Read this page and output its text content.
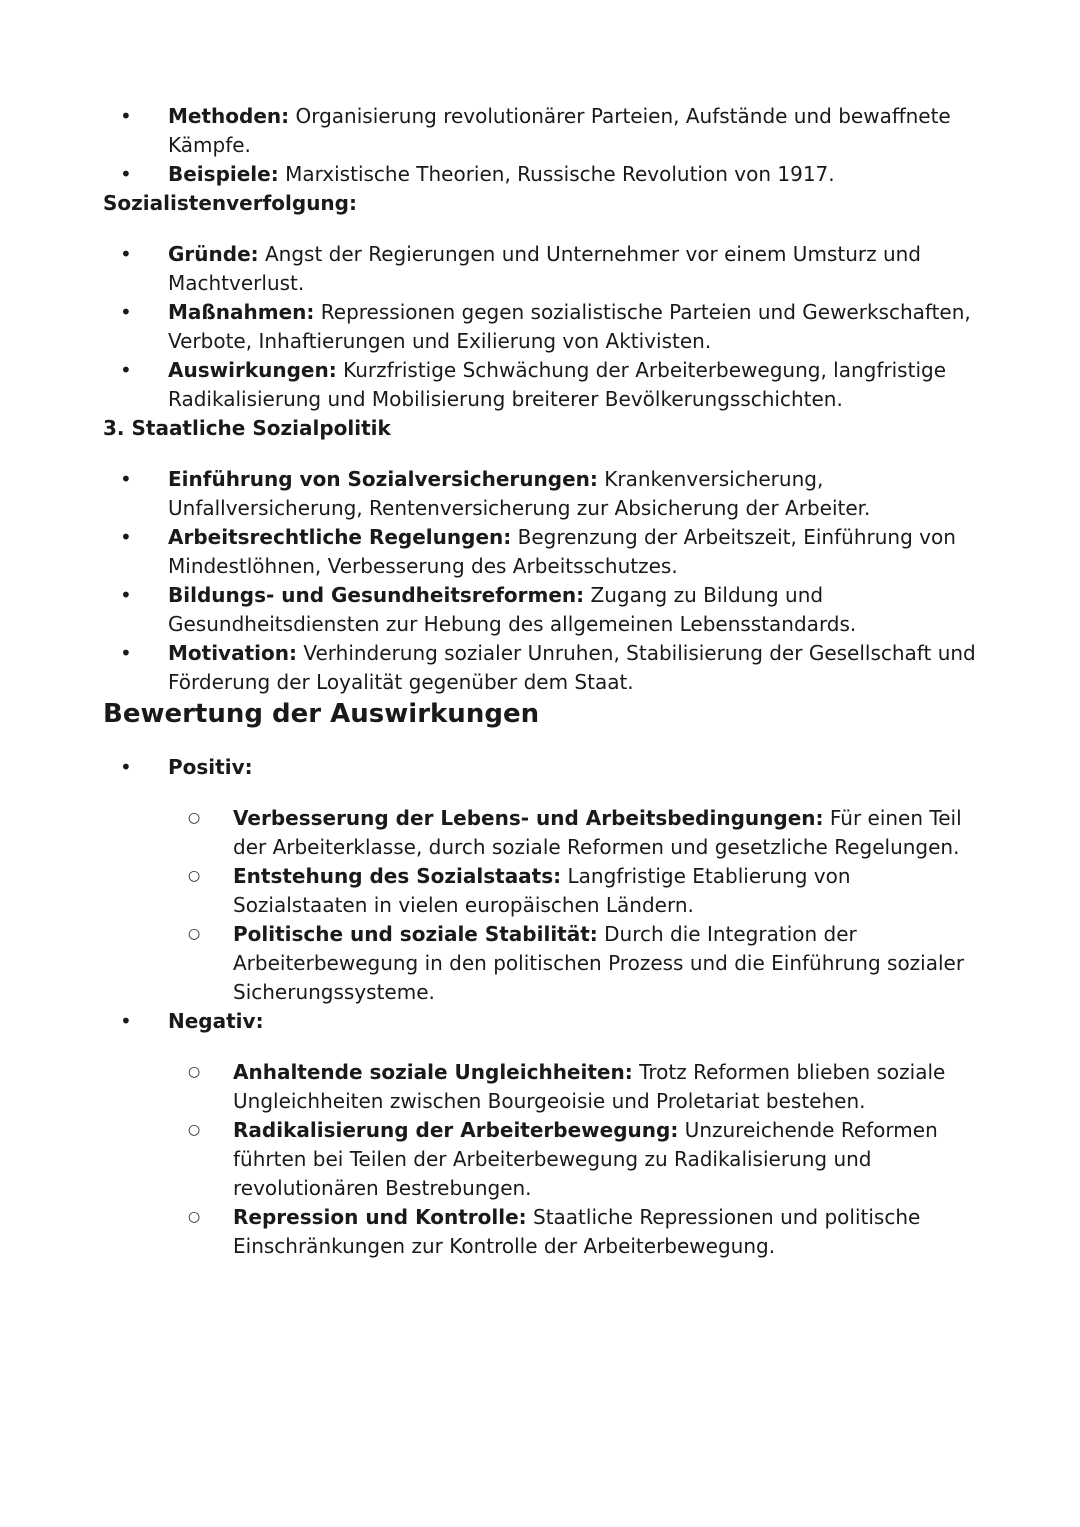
• Methoden: Organisierung revolutionärer Parteien, Aufstände und bewaffnete Kämpfe.
• Beispiele: Marxistische Theorien, Russische Revolution von 1917.

Sozialistenverfolgung:

• Gründe: Angst der Regierungen und Unternehmer vor einem Umsturz und Machtverlust.
• Maßnahmen: Repressionen gegen sozialistische Parteien und Gewerkschaften, Verbote, Inhaftierungen und Exilierung von Aktivisten.
• Auswirkungen: Kurzfristige Schwächung der Arbeiterbewegung, langfristige Radikalisierung und Mobilisierung breiterer Bevölkerungsschichten.

3. Staatliche Sozialpolitik

• Einführung von Sozialversicherungen: Krankenversicherung, Unfallversicherung, Rentenversicherung zur Absicherung der Arbeiter.
• Arbeitsrechtliche Regelungen: Begrenzung der Arbeitszeit, Einführung von Mindestlöhnen, Verbesserung des Arbeitsschutzes.
• Bildungs- und Gesundheitsreformen: Zugang zu Bildung und Gesundheitsdiensten zur Hebung des allgemeinen Lebensstandards.
• Motivation: Verhinderung sozialer Unruhen, Stabilisierung der Gesellschaft und Förderung der Loyalität gegenüber dem Staat.
Bewertung der Auswirkungen
• Positiv:
○ Verbesserung der Lebens- und Arbeitsbedingungen: Für einen Teil der Arbeiterklasse, durch soziale Reformen und gesetzliche Regelungen.
○ Entstehung des Sozialstaats: Langfristige Etablierung von Sozialstaaten in vielen europäischen Ländern.
○ Politische und soziale Stabilität: Durch die Integration der Arbeiterbewegung in den politischen Prozess und die Einführung sozialer Sicherungssysteme.
• Negativ:
○ Anhaltende soziale Ungleichheiten: Trotz Reformen blieben soziale Ungleichheiten zwischen Bourgeoisie und Proletariat bestehen.
○ Radikalisierung der Arbeiterbewegung: Unzureichende Reformen führten bei Teilen der Arbeiterbewegung zu Radikalisierung und revolutionären Bestrebungen.
○ Repression und Kontrolle: Staatliche Repressionen und politische Einschränkungen zur Kontrolle der Arbeiterbewegung.
